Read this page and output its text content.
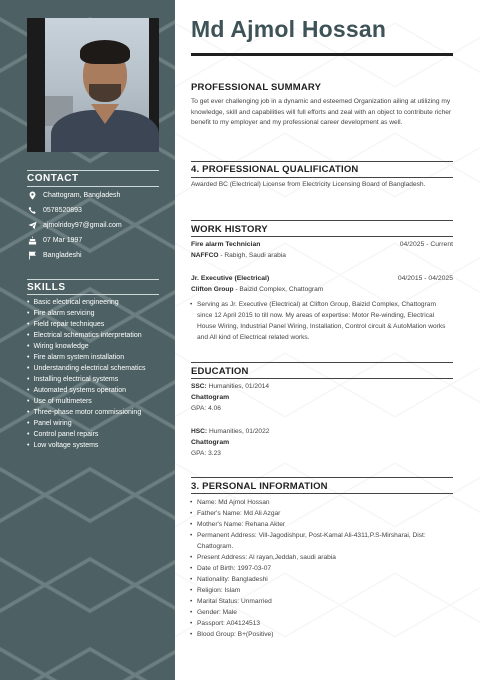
CONTACT
Chattogram, Bangladesh
0578520893
ajmolridoy97@gmail.com
07 Mar 1997
Bangladeshi
SKILLS
• Basic electrical engineering
• Fire alarm servicing
• Field repair techniques
• Electrical schematics interpretation
• Wiring knowledge
• Fire alarm system installation
• Understanding electrical schematics
• Installing electrical systems
• Automated systems operation
• Use of multimeters
• Three-phase motor commissioning
• Panel wiring
• Control panel repairs
• Low voltage systems
Md Ajmol Hossan
PROFESSIONAL SUMMARY
To get ever challenging job in a dynamic and esteemed Organization ailing at utilizing my knowledge, skill and capabilities will full efforts and zeal with an object to contribute richer benefit to my employer and my professional career development as well.
4. PROFESSIONAL QUALIFICATION
Awarded BC (Electrical) License from Electricity Licensing Board of Bangladesh.
WORK HISTORY
Fire alarm Technician	04/2025 - Current
NAFFCO - Rabigh, Saudi arabia
Jr. Executive (Electrical)	04/2015 - 04/2025
Clifton Group - Baizid Complex, Chattogram
• Serving as Jr. Executive (Electrical) at Clifton Group, Baizid Complex, Chattogram since 12 April 2015 to till now. My areas of expertise: Motor Re-winding, Electrical House Wiring, Industrial Panel Wiring, Installation, Control circuit & AutoMation works and All kind of Electrical related works.
EDUCATION
SSC: Humanities, 01/2014
Chattogram
GPA: 4.06
HSC: Humanities, 01/2022
Chattogram
GPA: 3.23
3. PERSONAL INFORMATION
• Name: Md Ajmol Hossan
• Father's Name: Md Ali Azgar
• Mother's Name: Rehana Akter
• Permanent Address: Vill-Jagodishpur, Post-Kamal Ali-4311,P.S-Mirsharai, Dist: Chattogram.
• Present Address: Al rayan,Jeddah, saudi arabia
• Date of Birth: 1997-03-07
• Nationality: Bangladeshi
• Religion: Islam
• Marital Status: Unmarried
• Gender: Male
• Passport: A04124513
• Blood Group: B+(Positive)
